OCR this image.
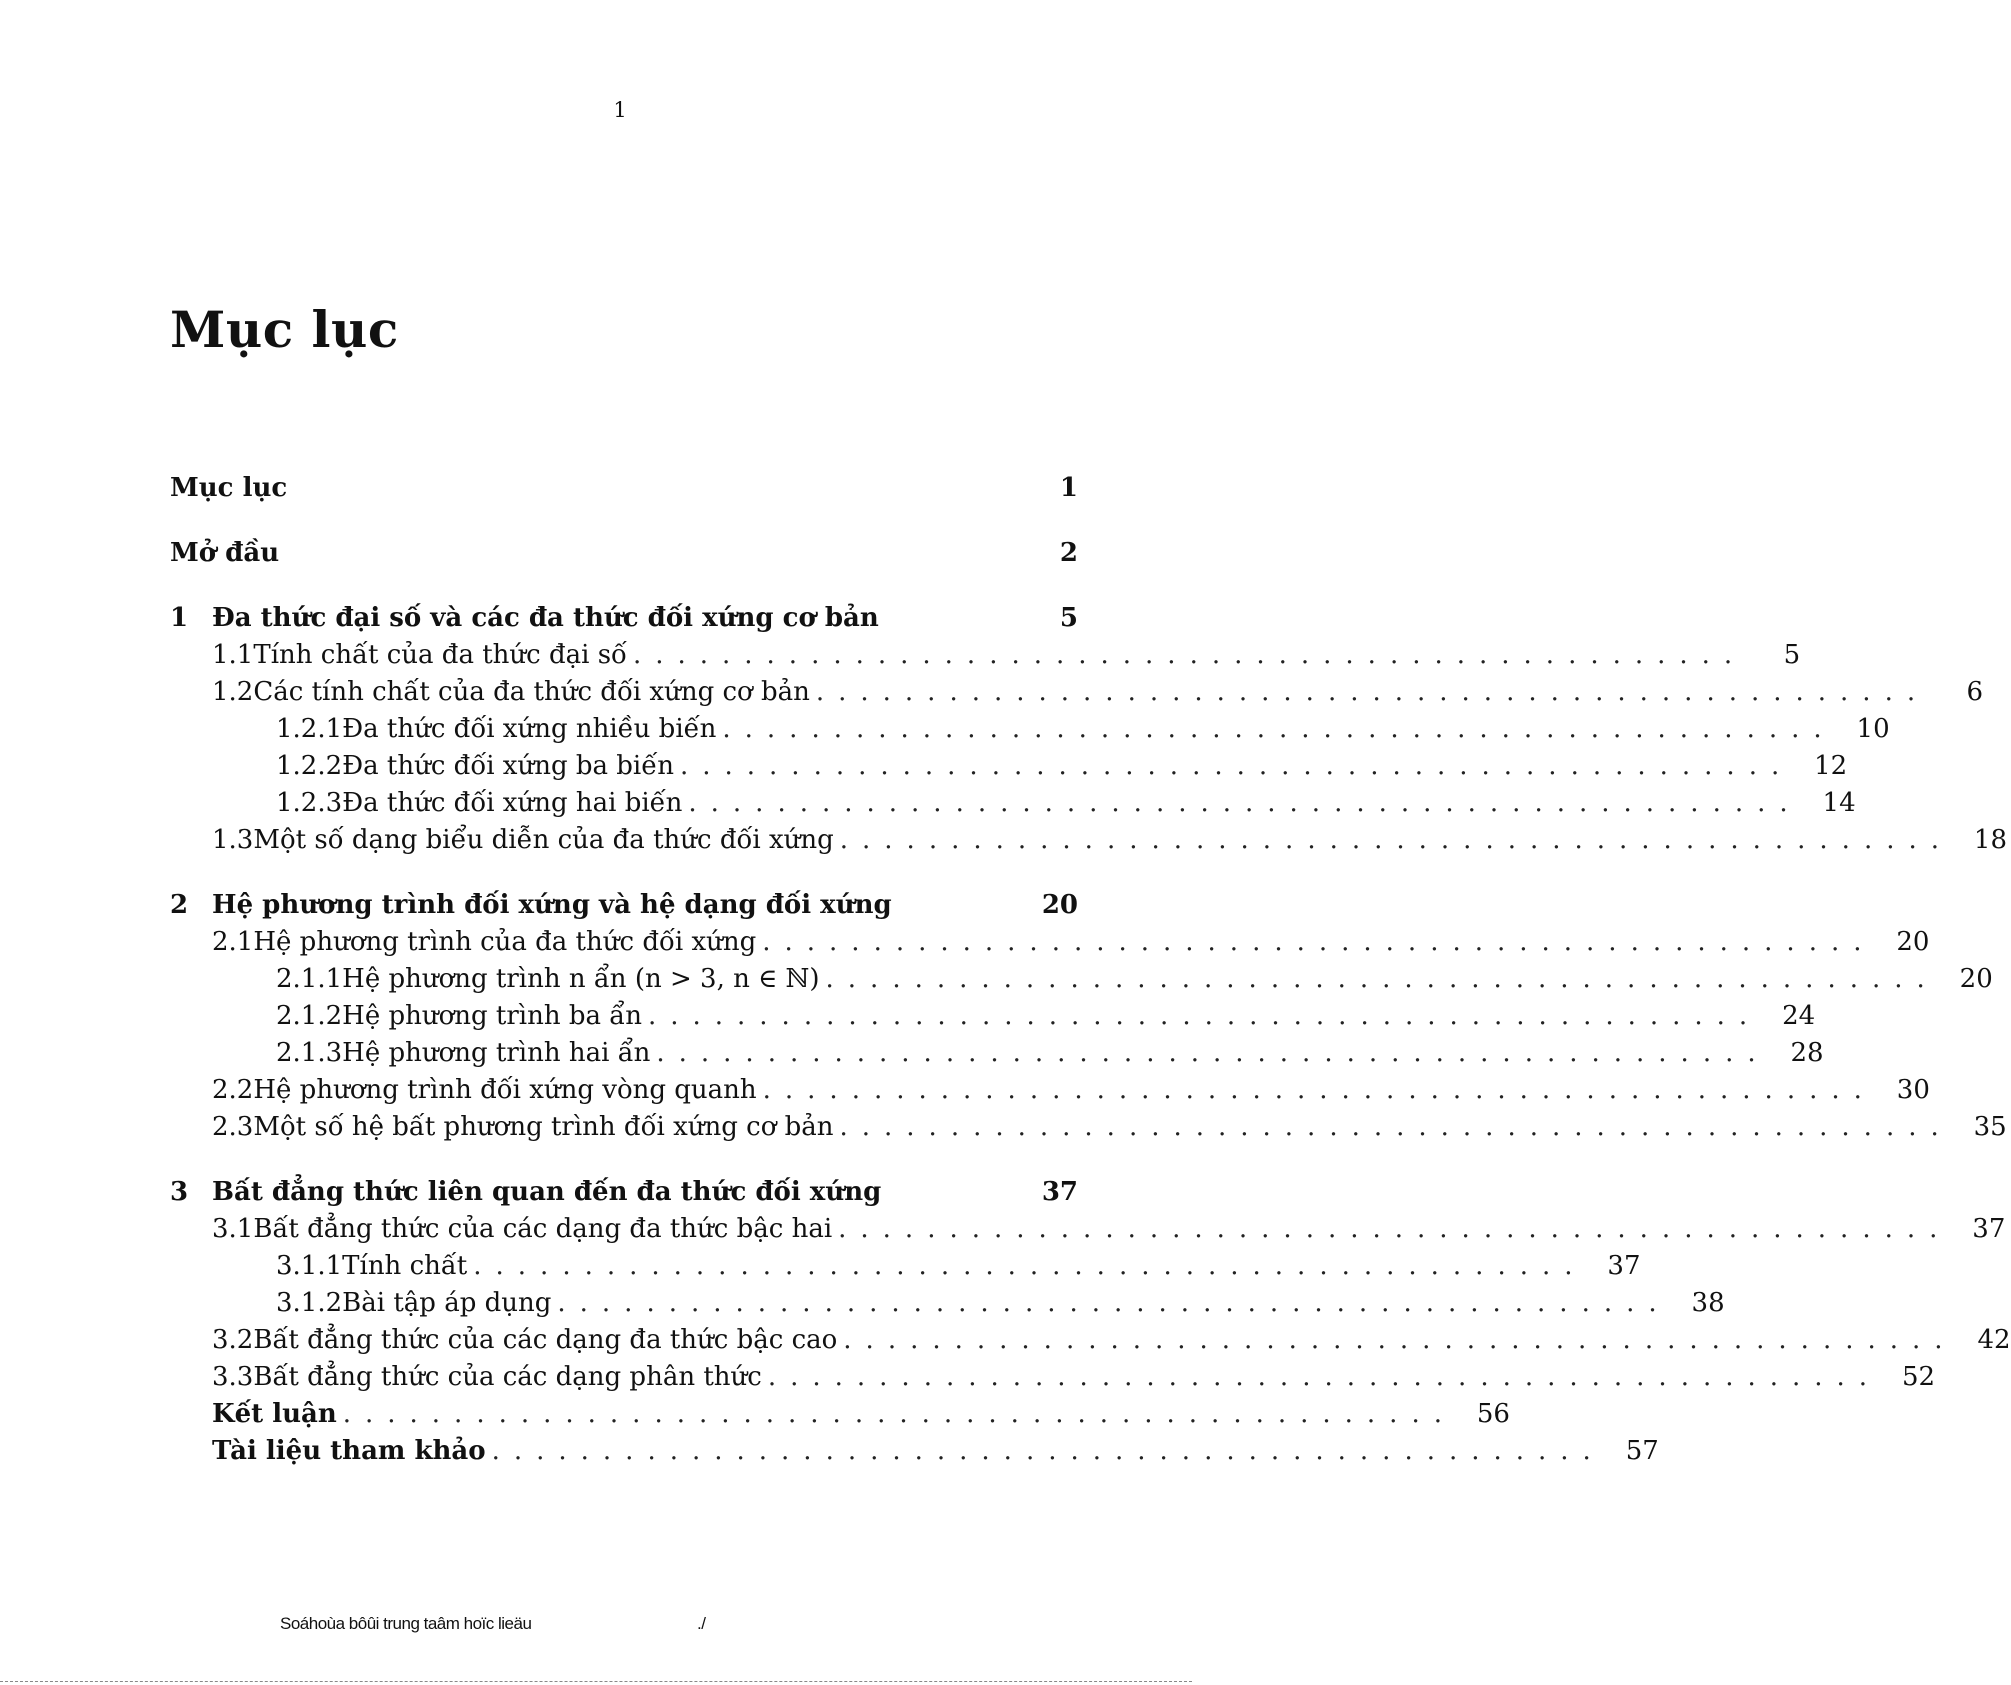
1
Mục lục
Mục lục	1
Mở đầu	2
1 Đa thức đại số và các đa thức đối xứng cơ bản	5
1.1 Tính chất của đa thức đại số ..................................................	5
1.2 Các tính chất của đa thức đối xứng cơ bản ..................................................	6
1.2.1 Đa thức đối xứng nhiều biến .................................................. 10
1.2.2 Đa thức đối xứng ba biến .................................................. 12
1.2.3 Đa thức đối xứng hai biến .................................................. 14
1.3 Một số dạng biểu diễn của đa thức đối xứng .................................................. 18
2 Hệ phương trình đối xứng và hệ dạng đối xứng	20
2.1 Hệ phương trình của đa thức đối xứng .................................................. 20
2.1.1 Hệ phương trình n ẩn (n > 3, n ∈ ℕ) .................................................. 20
2.1.2 Hệ phương trình ba ẩn .................................................. 24
2.1.3 Hệ phương trình hai ẩn .................................................. 28
2.2 Hệ phương trình đối xứng vòng quanh .................................................. 30
2.3 Một số hệ bất phương trình đối xứng cơ bản .................................................. 35
3 Bất đẳng thức liên quan đến đa thức đối xứng	37
3.1 Bất đẳng thức của các dạng đa thức bậc hai .................................................. 37
3.1.1 Tính chất .................................................. 37
3.1.2 Bài tập áp dụng .................................................. 38
3.2 Bất đẳng thức của các dạng đa thức bậc cao .................................................. 42
3.3 Bất đẳng thức của các dạng phân thức .................................................. 52
Kết luận .................................................. 56
Tài liệu tham khảo .................................................. 57
Soáhoùa bôûi trung taâm hoïc lieäu	./
